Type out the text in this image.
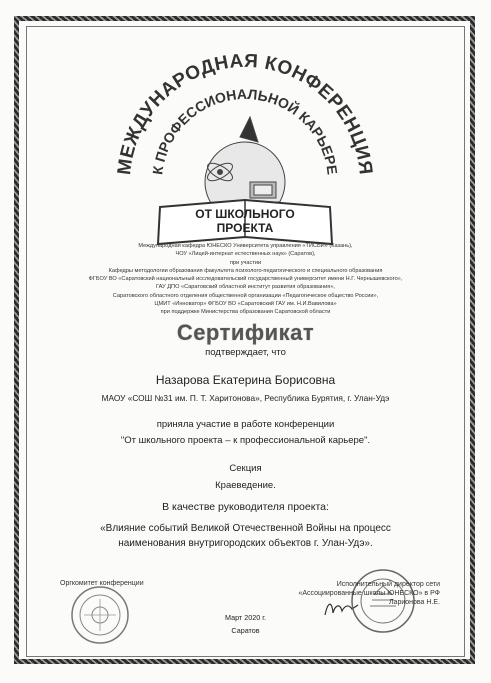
МЕЖДУНАРОДНАЯ КОНФЕРЕНЦИЯ
К ПРОФЕССИОНАЛЬНОЙ КАРЬЕРЕ
ОТ ШКОЛЬНОГО
ПРОЕКТА
Международная кафедра ЮНЕСКО Университета управления «ТИСБИ» (Казань),
ЧОУ «Лицей-интернат естественных наук» (Саратов),
при участии
Кафедры методологии образования факультета психолого-педагогического и специального образования
ФГБОУ ВО «Саратовский национальный исследовательский государственный университет имени Н.Г. Чернышевского»,
ГАУ ДПО «Саратовский областной институт развития образования»,
Саратовского областного отделения общественной организации «Педагогическое общество России»,
ЦМИТ «Инноватор» ФГБОУ ВО «Саратовский ГАУ им. Н.И.Вавилова»
при поддержке Министерства образования Саратовской области
Сертификат
подтверждает, что
Назарова Екатерина Борисовна
МАОУ «СОШ №31 им. П. Т. Харитонова», Республика Бурятия, г. Улан-Удэ
приняла участие в работе конференции
"От школьного проекта – к профессиональной карьере".
Секция
Краеведение.
В качестве руководителя проекта:
«Влияние событий Великой Отечественной Войны на процесс
наименования внутригородских объектов г. Улан-Удэ».
Оргкомитет конференции	Исполнительный директор сети
«Ассоциированные школы ЮНЕСКО» в РФ
Ларионова Н.Е.
Март 2020 г.
Саратов
